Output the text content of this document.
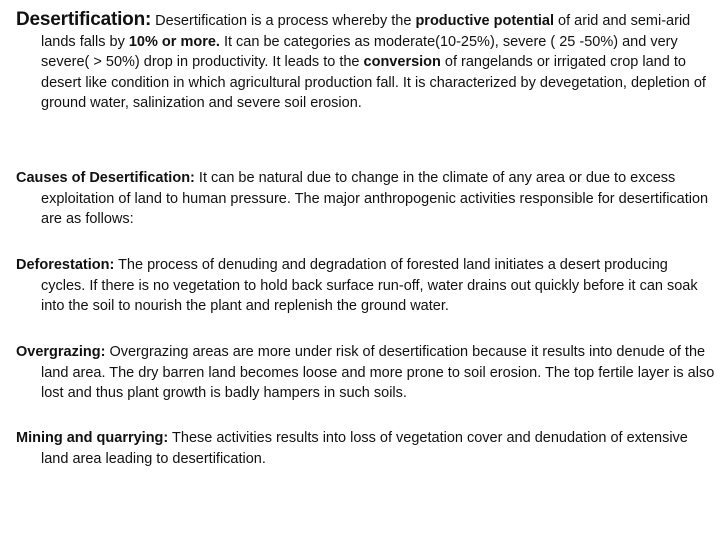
Desertification: Desertification is a process whereby the productive potential of arid and semi-arid lands falls by 10% or more. It can be categories as moderate(10-25%), severe ( 25 -50%) and very severe( > 50%) drop in productivity. It leads to the conversion of rangelands or irrigated crop land to desert like condition in which agricultural production fall. It is characterized by devegetation, depletion of ground water, salinization and severe soil erosion.

Causes of Desertification: It can be natural due to change in the climate of any area or due to excess exploitation of land to human pressure. The major anthropogenic activities responsible for desertification are as follows:

Deforestation: The process of denuding and degradation of forested land initiates a desert producing cycles. If there is no vegetation to hold back surface run-off, water drains out quickly before it can soak into the soil to nourish the plant and replenish the ground water.

Overgrazing: Overgrazing areas are more under risk of desertification because it results into denude of the land area. The dry barren land becomes loose and more prone to soil erosion. The top fertile layer is also lost and thus plant growth is badly hampers in such soils.

Mining and quarrying: These activities results into loss of vegetation cover and denudation of extensive land area leading to desertification.
